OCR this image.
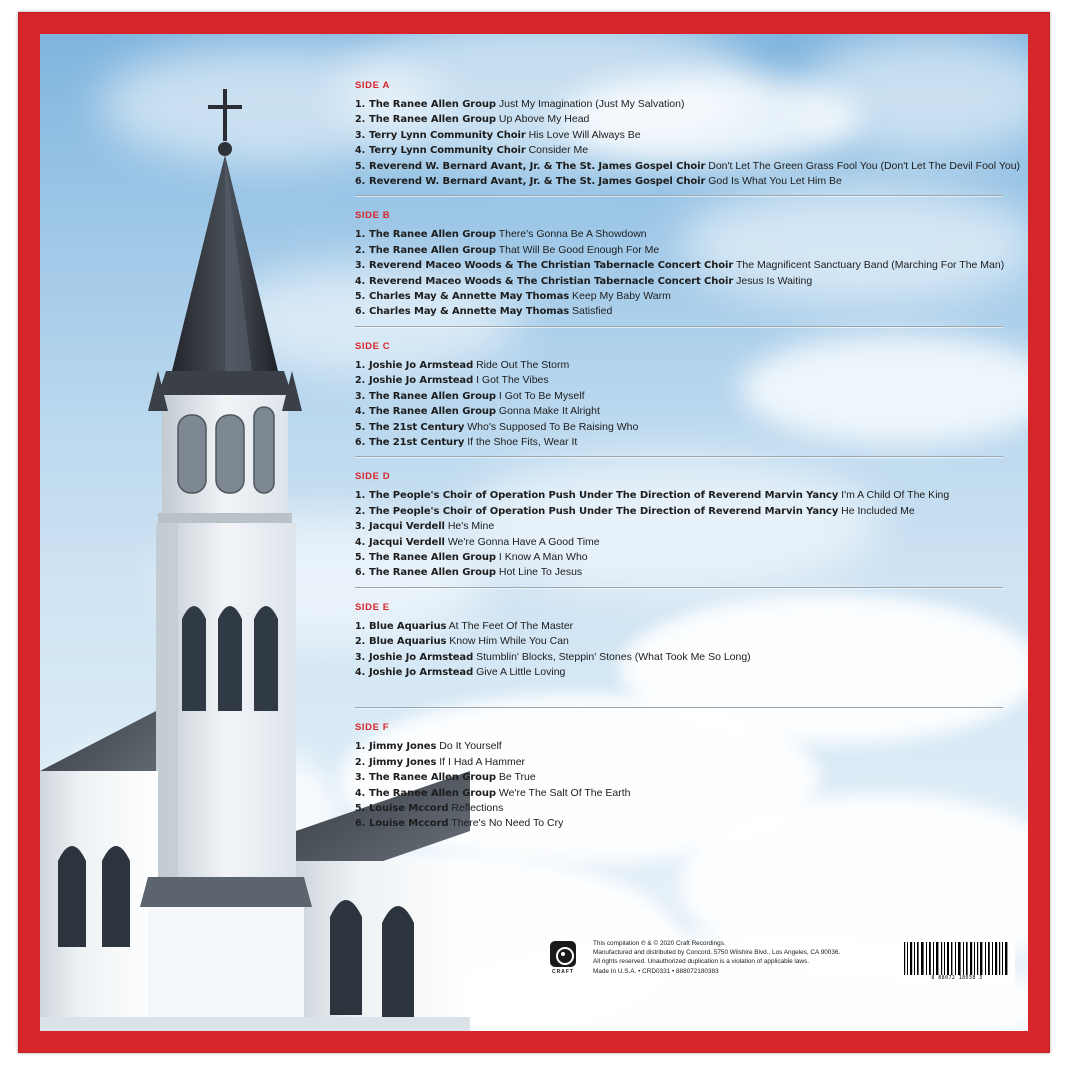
SIDE A
1. The Ranee Allen Group Just My Imagination (Just My Salvation)
2. The Ranee Allen Group Up Above My Head
3. Terry Lynn Community Choir His Love Will Always Be
4. Terry Lynn Community Choir Consider Me
5. Reverend W. Bernard Avant, Jr. & The St. James Gospel Choir Don't Let The Green Grass Fool You (Don't Let The Devil Fool You)
6. Reverend W. Bernard Avant, Jr. & The St. James Gospel Choir God Is What You Let Him Be
SIDE B
1. The Ranee Allen Group There's Gonna Be A Showdown
2. The Ranee Allen Group That Will Be Good Enough For Me
3. Reverend Maceo Woods & The Christian Tabernacle Concert Choir The Magnificent Sanctuary Band (Marching For The Man)
4. Reverend Maceo Woods & The Christian Tabernacle Concert Choir Jesus Is Waiting
5. Charles May & Annette May Thomas Keep My Baby Warm
6. Charles May & Annette May Thomas Satisfied
SIDE C
1. Joshie Jo Armstead Ride Out The Storm
2. Joshie Jo Armstead I Got The Vibes
3. The Ranee Allen Group I Got To Be Myself
4. The Ranee Allen Group Gonna Make It Alright
5. The 21st Century Who's Supposed To Be Raising Who
6. The 21st Century If the Shoe Fits, Wear It
SIDE D
1. The People's Choir of Operation Push Under The Direction of Reverend Marvin Yancy I'm A Child Of The King
2. The People's Choir of Operation Push Under The Direction of Reverend Marvin Yancy He Included Me
3. Jacqui Verdell He's Mine
4. Jacqui Verdell We're Gonna Have A Good Time
5. The Ranee Allen Group I Know A Man Who
6. The Ranee Allen Group Hot Line To Jesus
SIDE E
1. Blue Aquarius At The Feet Of The Master
2. Blue Aquarius Know Him While You Can
3. Joshie Jo Armstead Stumblin' Blocks, Steppin' Stones (What Took Me So Long)
4. Joshie Jo Armstead Give A Little Loving
SIDE F
1. Jimmy Jones Do It Yourself
2. Jimmy Jones If I Had A Hammer
3. The Ranee Allen Group Be True
4. The Ranee Allen Group We're The Salt Of The Earth
5. Louise Mccord Reflections
6. Louise Mccord There's No Need To Cry
CRAFT
This compilation ℗ & © 2020 Craft Recordings.
Manufactured and distributed by Concord. 5750 Wilshire Blvd., Los Angeles, CA 90036.
All rights reserved. Unauthorized duplication is a violation of applicable laws.
Made In U.S.A. • CRD0331 • 888072180383
8 88072 18038 3
